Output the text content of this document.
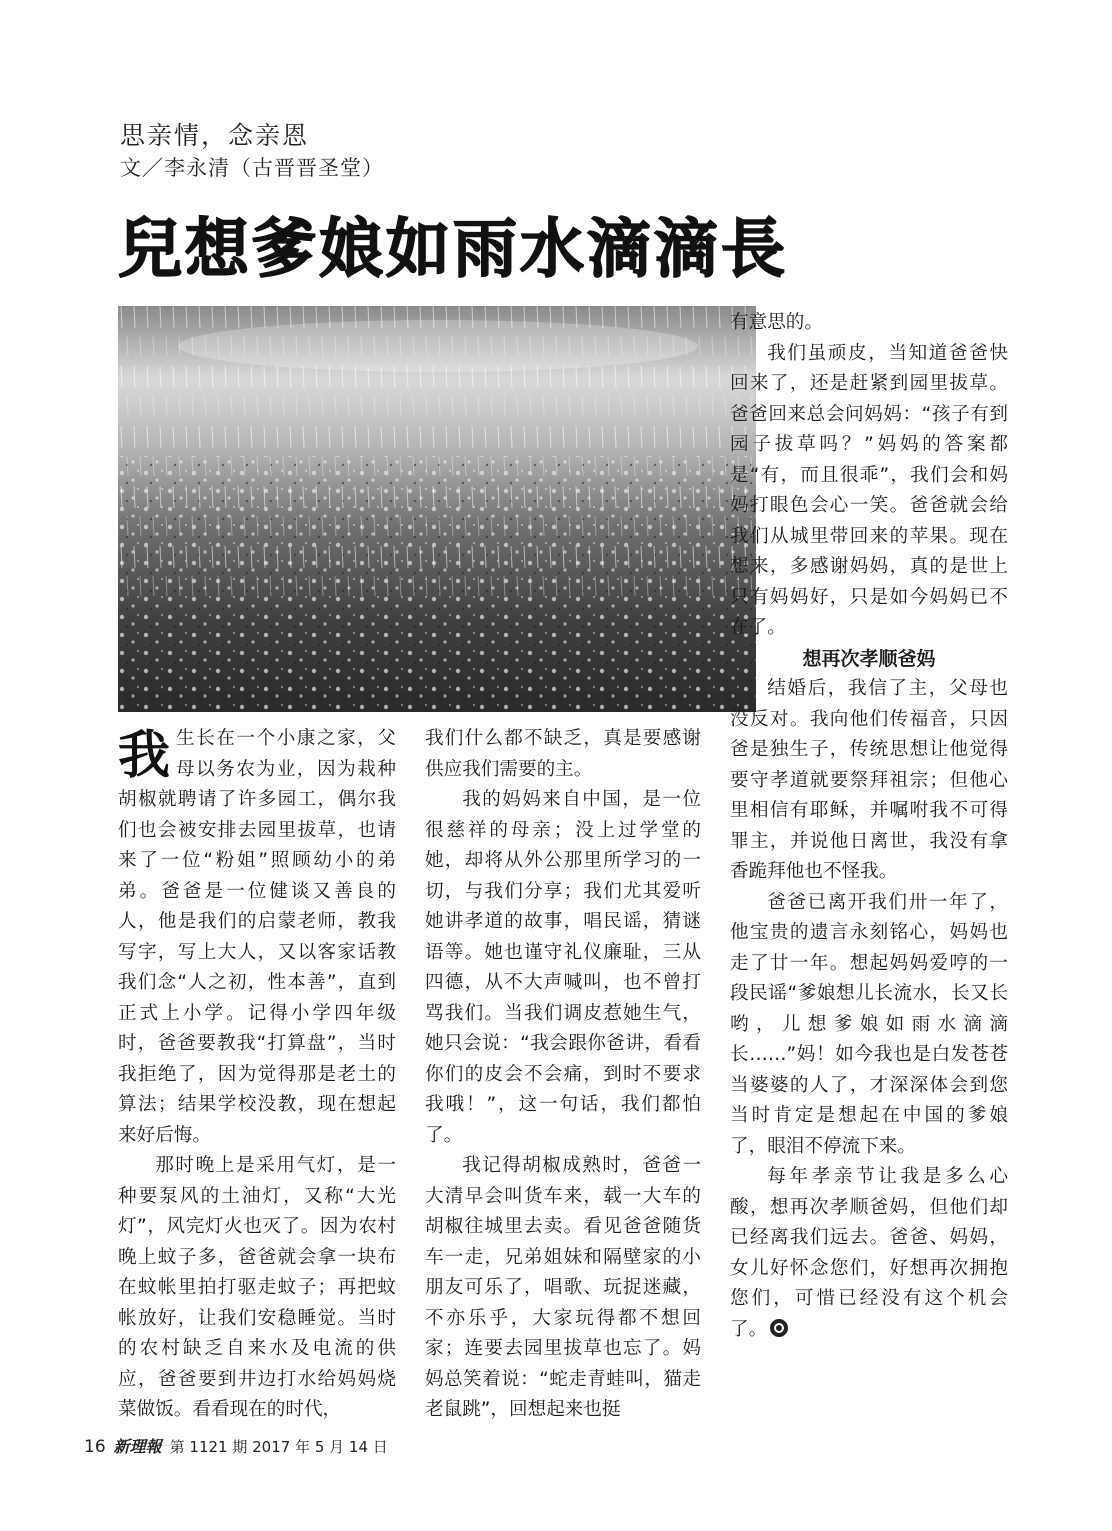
思亲情，念亲恩
文／李永清（古晋晋圣堂）
兒想爹娘如雨水滴滴長

我生长在一个小康之家，父母以务农为业，因为栽种胡椒就聘请了许多园工，偶尔我们也会被安排去园里拔草，也请来了一位“粉姐”照顾幼小的弟弟。爸爸是一位健谈又善良的人，他是我们的启蒙老师，教我写字，写上大人，又以客家话教我们念“人之初，性本善”，直到正式上小学。记得小学四年级时，爸爸要教我“打算盘”，当时我拒绝了，因为觉得那是老土的算法；结果学校没教，现在想起来好后悔。

那时晚上是采用气灯，是一种要泵风的土油灯，又称“大光灯”，风完灯火也灭了。因为农村晚上蚊子多，爸爸就会拿一块布在蚊帐里拍打驱走蚊子；再把蚊帐放好，让我们安稳睡觉。当时的农村缺乏自来水及电流的供应，爸爸要到井边打水给妈妈烧菜做饭。看看现在的时代，

我们什么都不缺乏，真是要感谢供应我们需要的主。

我的妈妈来自中国，是一位很慈祥的母亲；没上过学堂的她，却将从外公那里所学习的一切，与我们分享；我们尤其爱听她讲孝道的故事，唱民谣，猜谜语等。她也谨守礼仪廉耻，三从四德，从不大声喊叫，也不曾打骂我们。当我们调皮惹她生气，她只会说：“我会跟你爸讲，看看你们的皮会不会痛，到时不要求我哦！”，这一句话，我们都怕了。

我记得胡椒成熟时，爸爸一大清早会叫货车来，载一大车的胡椒往城里去卖。看见爸爸随货车一走，兄弟姐妹和隔壁家的小朋友可乐了，唱歌、玩捉迷藏，不亦乐乎，大家玩得都不想回家；连要去园里拔草也忘了。妈妈总笑着说：“蛇走青蛙叫，猫走老鼠跳”，回想起来也挺

有意思的。

我们虽顽皮，当知道爸爸快回来了，还是赶紧到园里拔草。爸爸回来总会问妈妈：“孩子有到园子拔草吗？”妈妈的答案都是“有，而且很乖”，我们会和妈妈打眼色会心一笑。爸爸就会给我们从城里带回来的苹果。现在想来，多感谢妈妈，真的是世上只有妈妈好，只是如今妈妈已不在了。

想再次孝顺爸妈

结婚后，我信了主，父母也没反对。我向他们传福音，只因爸是独生子，传统思想让他觉得要守孝道就要祭拜祖宗；但他心里相信有耶稣，并嘱咐我不可得罪主，并说他日离世，我没有拿香跪拜他也不怪我。

爸爸已离开我们卅一年了，他宝贵的遗言永刻铭心，妈妈也走了廿一年。想起妈妈爱哼的一段民谣“爹娘想儿长流水，长又长哟，儿想爹娘如雨水滴滴长……”妈！如今我也是白发苍苍当婆婆的人了，才深深体会到您当时肯定是想起在中国的爹娘了，眼泪不停流下来。

每年孝亲节让我是多么心酸，想再次孝顺爸妈，但他们却已经离我们远去。爸爸、妈妈，女儿好怀念您们，好想再次拥抱您们，可惜已经没有这个机会了。

16 新理報 第 1121 期 2017 年 5 月 14 日
